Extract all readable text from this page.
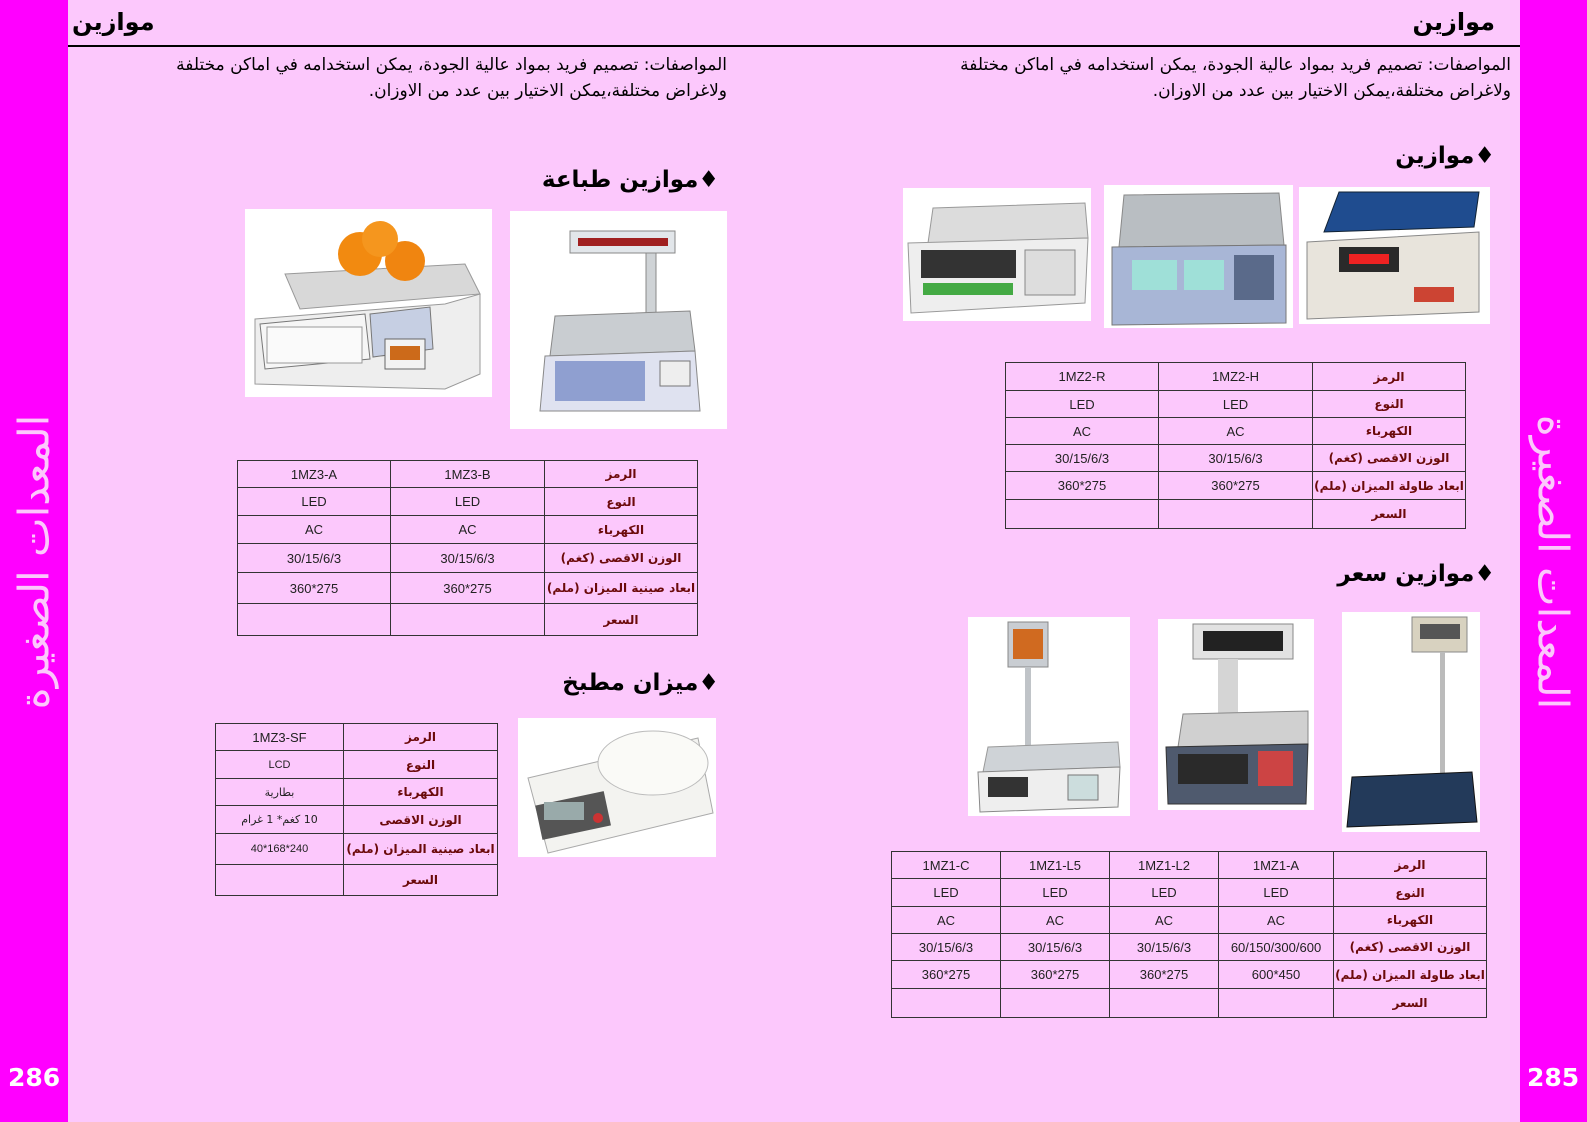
المعدات الصغيرة	المعدات الصغيرة
286	285
موازين	موازين
المواصفات: تصميم فريد بمواد عالية الجودة، يمكن استخدامه في اماكن مختلفة
ولاغراض مختلفة،يمكن الاختيار بين عدد من الاوزان.
المواصفات: تصميم فريد بمواد عالية الجودة، يمكن استخدامه في اماكن مختلفة
ولاغراض مختلفة،يمكن الاختيار بين عدد من الاوزان.
♦موازين طباعة
♦ميزان مطبخ
♦موازين
♦موازين سعر
1MZ3-A	1MZ3-B	الرمز
LED	LED	النوع
AC	AC	الكهرباء
30/15/6/3	30/15/6/3	الوزن الاقصى (كغم)
360*275	360*275	ابعاد صينية الميزان (ملم)
		السعر
1MZ3-SF	الرمز
LCD	النوع
بطارية	الكهرباء
10 كغم* 1 غرام	الوزن الاقصى
40*168*240	ابعاد صينية الميزان (ملم)
	السعر
1MZ2-R	1MZ2-H	الرمز
LED	LED	النوع
AC	AC	الكهرباء
30/15/6/3	30/15/6/3	الوزن الاقصى (كغم)
360*275	360*275	ابعاد طاولة الميزان (ملم)
		السعر
1MZ1-C	1MZ1-L5	1MZ1-L2	1MZ1-A	الرمز
LED	LED	LED	LED	النوع
AC	AC	AC	AC	الكهرباء
30/15/6/3	30/15/6/3	30/15/6/3	60/150/300/600	الوزن الاقصى (كغم)
360*275	360*275	360*275	600*450	ابعاد طاولة الميزان (ملم)
				السعر
